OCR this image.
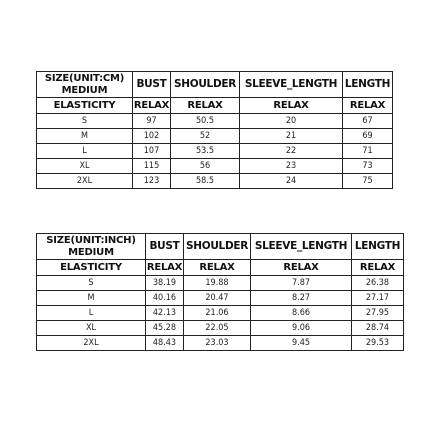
SIZE(UNIT:CM)
MEDIUM	BUST	SHOULDER	SLEEVE_LENGTH	LENGTH	
ELASTICITY	RELAX	RELAX	RELAX	RELAX	
S	97	50.5	20	67	
M	102	52	21	69	
L	107	53.5	22	71	
XL	115	56	23	73	
2XL	123	58.5	24	75	
SIZE(UNIT:INCH)
MEDIUM	BUST	SHOULDER	SLEEVE_LENGTH	LENGTH
ELASTICITY	RELAX	RELAX	RELAX	RELAX
S	38.19	19.88	7.87	26.38
M	40.16	20.47	8.27	27.17
L	42.13	21.06	8.66	27.95
XL	45.28	22.05	9.06	28.74
2XL	48.43	23.03	9.45	29.53
